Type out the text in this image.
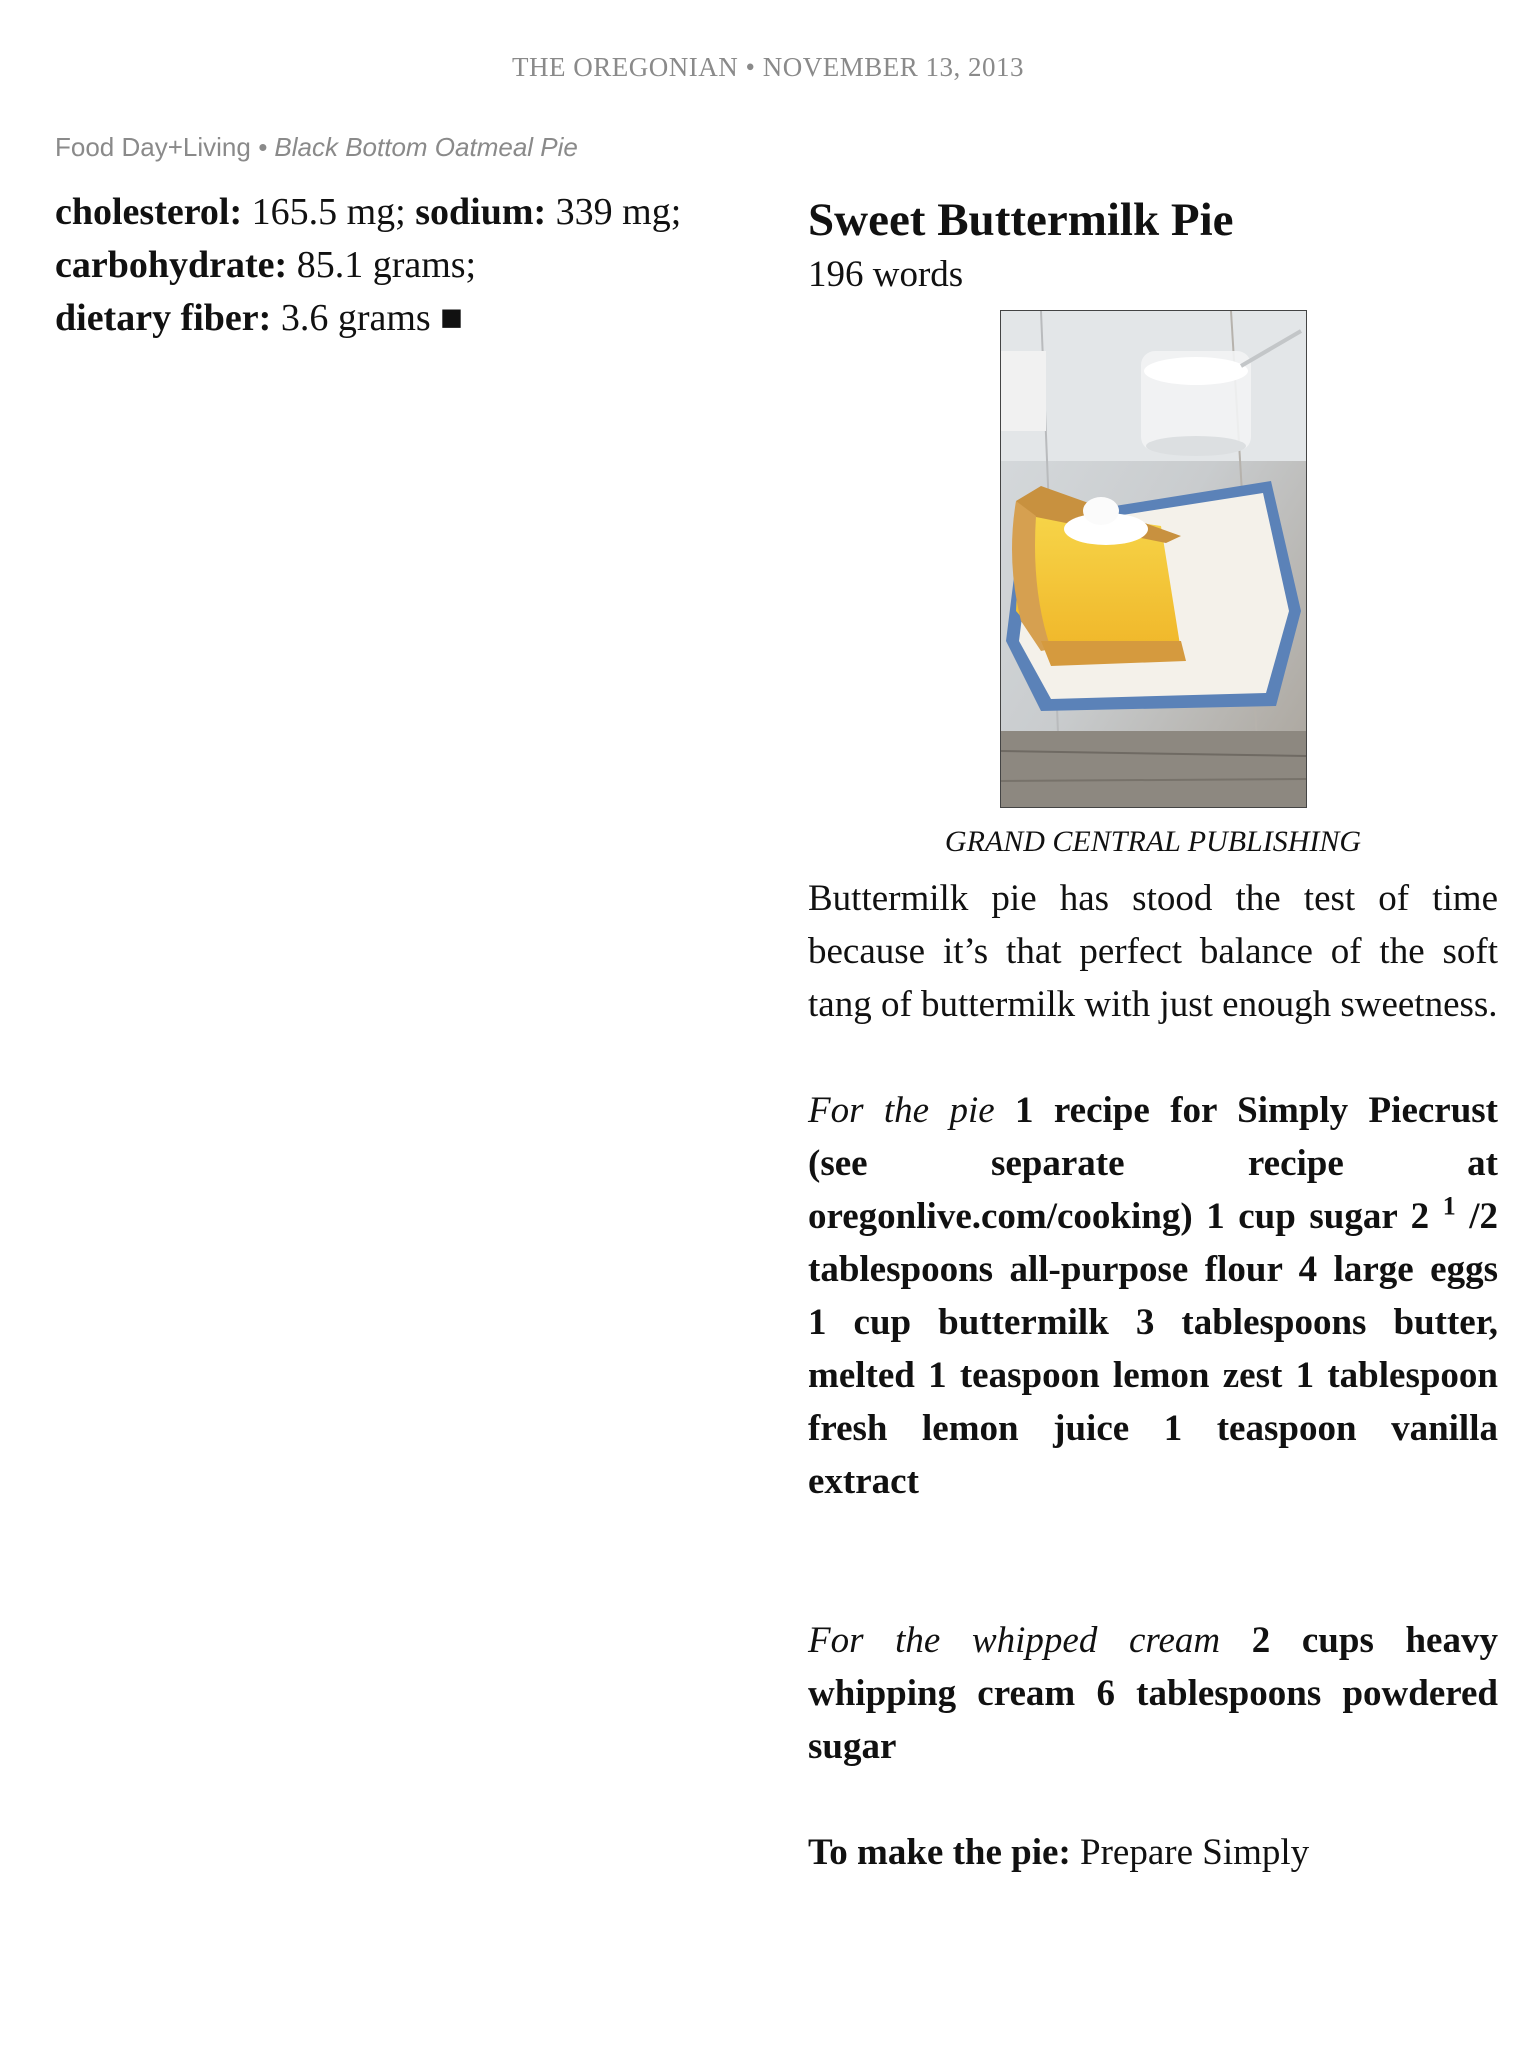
THE OREGONIAN • NOVEMBER 13, 2013
Food Day+Living • Black Bottom Oatmeal Pie
cholesterol: 165.5 mg; sodium: 339 mg; carbohydrate: 85.1 grams;
dietary fiber: 3.6 grams ■
Sweet Buttermilk Pie

196 words

GRAND CENTRAL PUBLISHING

Buttermilk pie has stood the test of time because it’s that perfect balance of the soft tang of buttermilk with just enough sweetness.

For the pie 1 recipe for Simply Piecrust (see separate recipe at oregonlive.com/cooking) 1 cup sugar 2 $^1$ /2 tablespoons all-purpose flour 4 large eggs 1 cup buttermilk 3 tablespoons butter, melted 1 teaspoon lemon zest 1 tablespoon fresh lemon juice 1 teaspoon vanilla extract

For the whipped cream 2 cups heavy whipping cream 6 tablespoons powdered sugar

To make the pie: Prepare Simply
